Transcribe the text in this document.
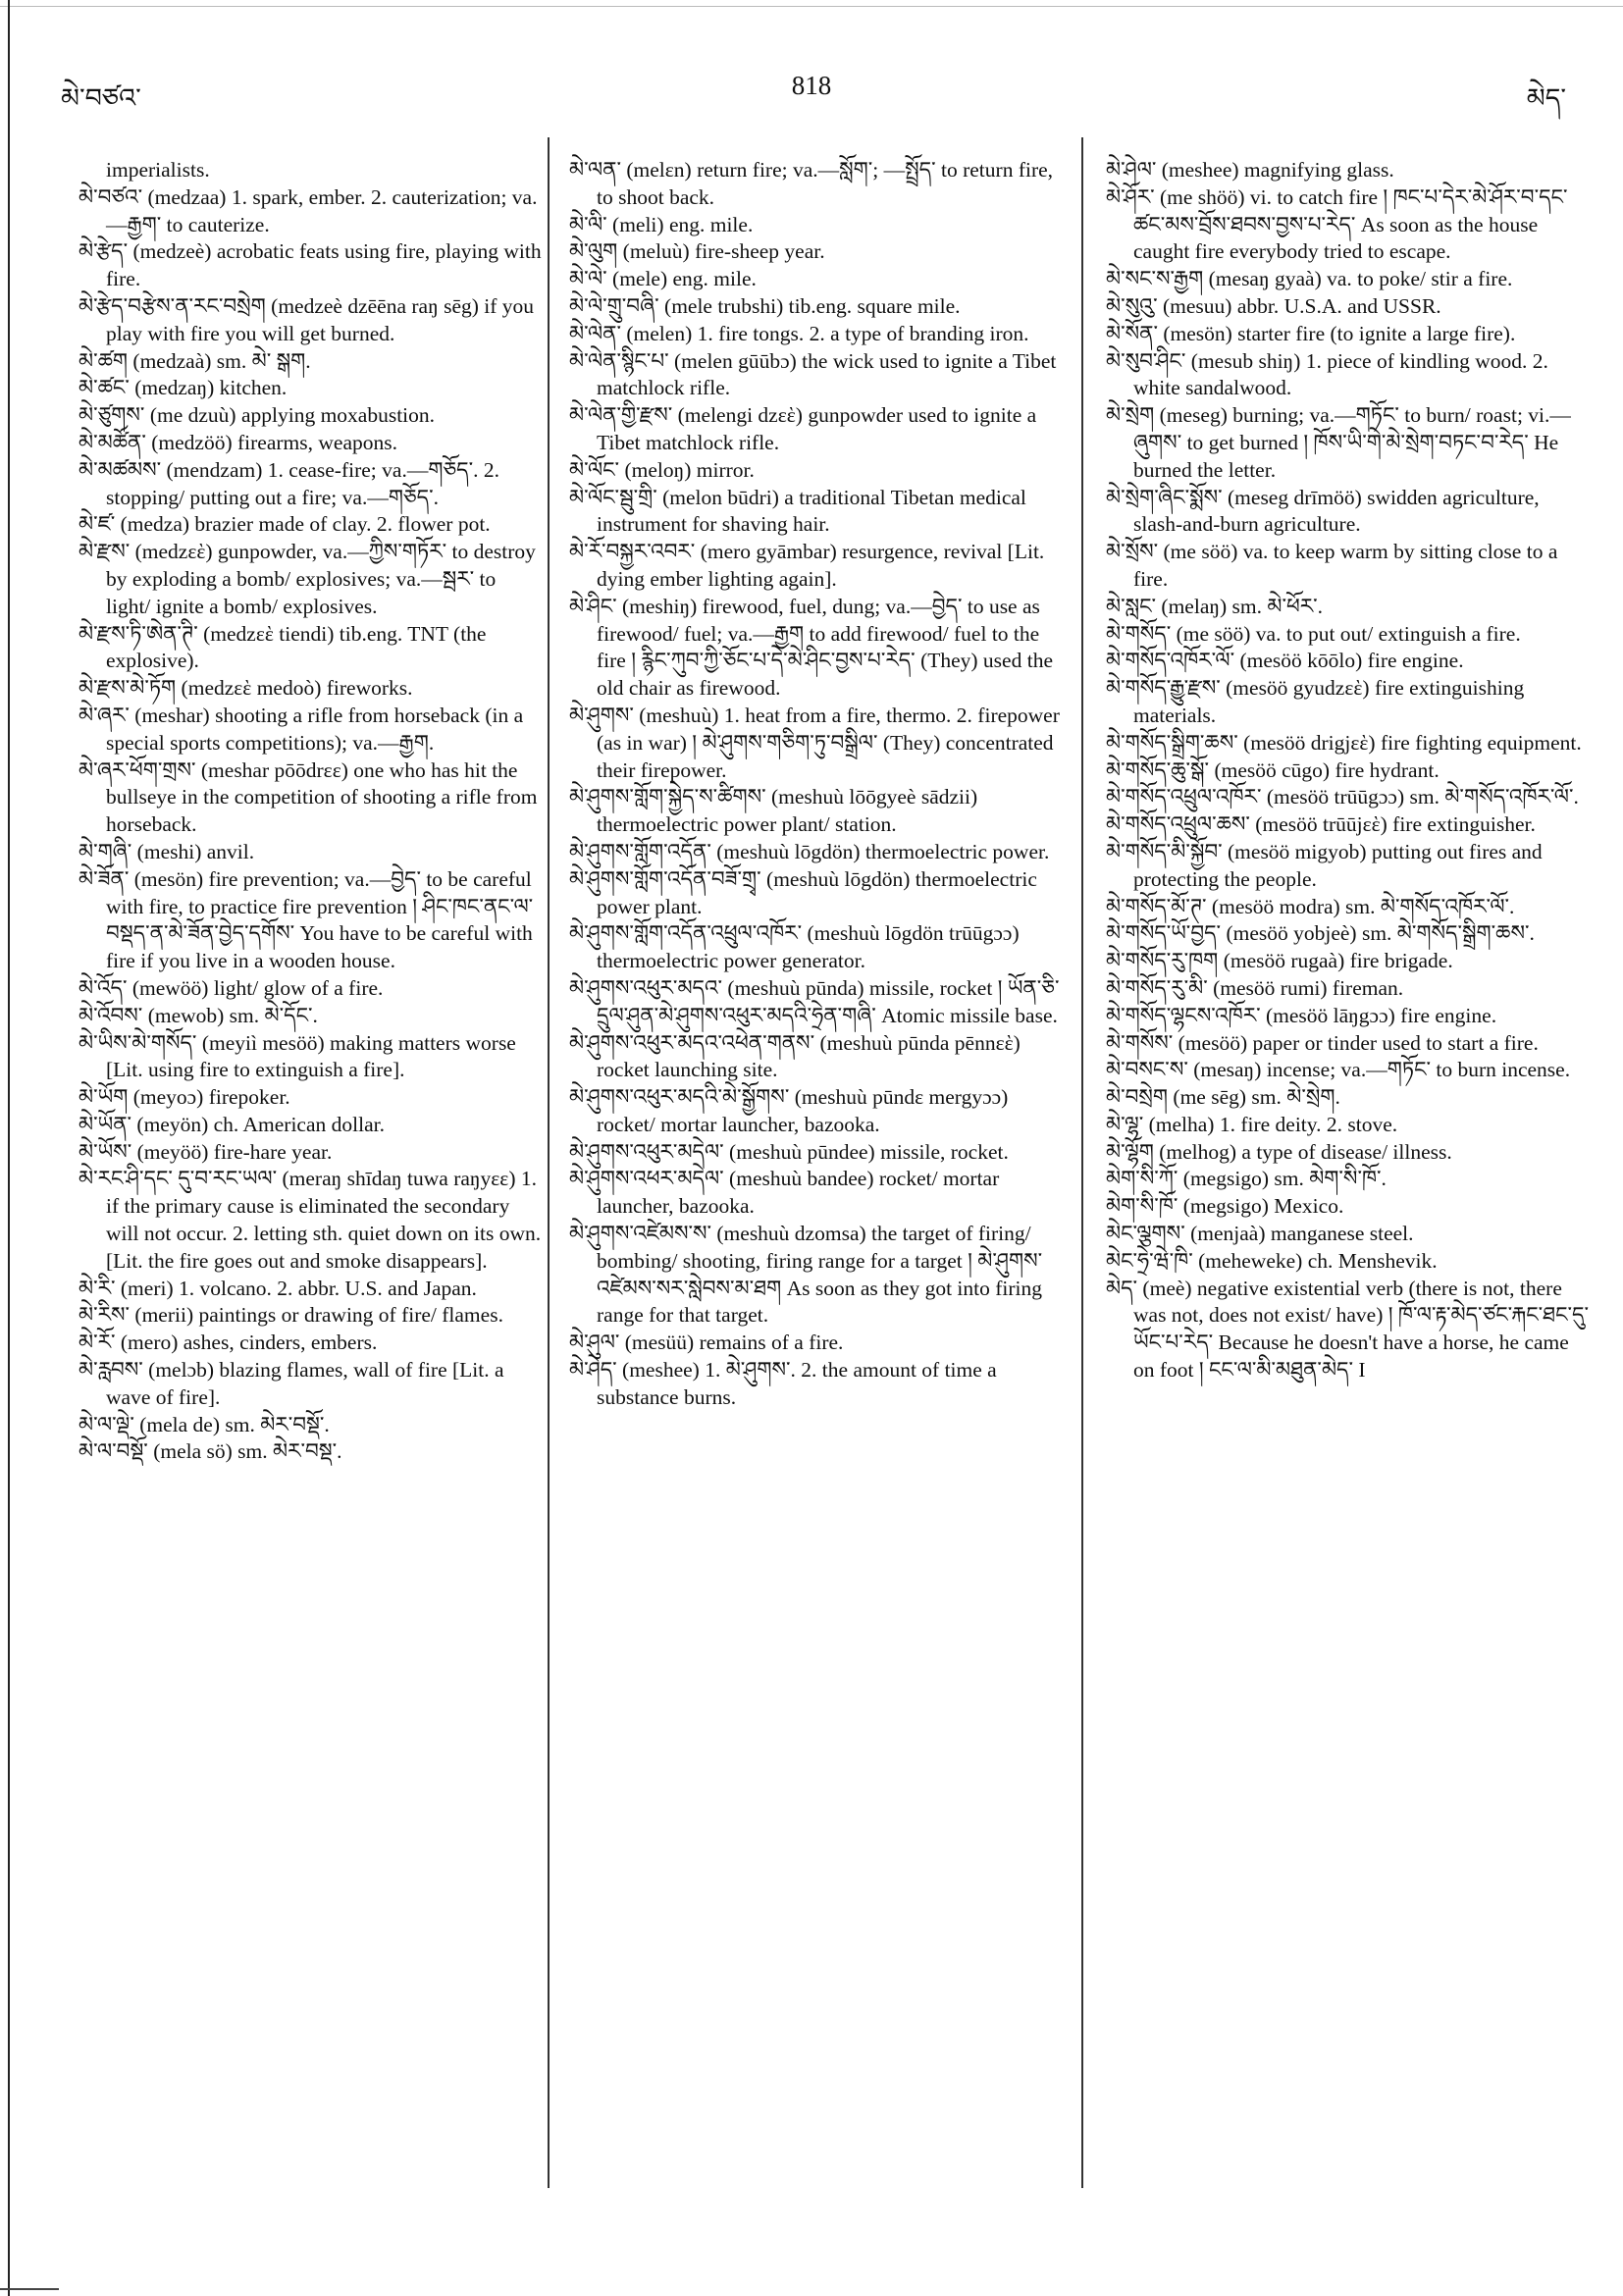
མེ་བཙའ་	818	མེད་
imperialists.
མེ་བཙའ་ (medzaa) 1. spark, ember. 2. cauterization; va.—རྒྱག་ to cauterize.
མེ་རྩེད་ (medzeè) acrobatic feats using fire, playing with fire.
མེ་རྩེད་བརྩེས་ན་རང་བསྲེག (medzeè dzēēna raŋ sēg) if you play with fire you will get burned.
མེ་ཚག (medzaà) sm. མེ་ སྒག.
མེ་ཚང་ (medzaŋ) kitchen.
མེ་ཙུགས་ (me dzuù) applying moxabustion.
མེ་མཚོན་ (medzöö) firearms, weapons.
མེ་མཚམས་ (mendzam) 1. cease-fire; va.—གཅོད་. 2. stopping/ putting out a fire; va.—གཅོད་.
མེ་ཛ་ (medza) brazier made of clay. 2. flower pot.
མེ་རྫས་ (medzεὲ) gunpowder, va.—ཀྱིས་གཏོར་ to destroy by exploding a bomb/ explosives; va.—སྦར་ to light/ ignite a bomb/ explosives.
མེ་རྫས་ཏི་ཨེན་ཊི་ (medzεὲ tiendi) tib.eng. TNT (the explosive).
མེ་རྫས་མེ་ཏོག (medzεὲ medoò) fireworks.
མེ་ཞར་ (meshar) shooting a rifle from horseback (in a special sports competitions); va.—རྒྱག.
མེ་ཞར་ཕོག་གྲས་ (meshar pōōdrεε) one who has hit the bullseye in the competition of shooting a rifle from horseback.
མེ་གཞི་ (meshi) anvil.
མེ་ཟོན་ (mesön) fire prevention; va.—བྱེད་ to be careful with fire, to practice fire prevention ། ཤིང་ཁང་ནང་ལ་བསྡད་ན་མེ་ཟོན་བྱེད་དགོས་ You have to be careful with fire if you live in a wooden house.
མེ་འོད་ (mewöö) light/ glow of a fire.
མེ་འོབས་ (mewob) sm. མེ་དོང་.
མེ་ཡིས་མེ་གསོད་ (meyiì mesöö) making matters worse [Lit. using fire to extinguish a fire].
མེ་ཡོག (meyoɔ) firepoker.
མེ་ཡོན་ (meyön) ch. American dollar.
མེ་ཡོས་ (meyöö) fire-hare year.
མེ་རང་ཤི་དང་ དུ་བ་རང་ཡལ་ (meraŋ shīdaŋ tuwa raŋyεε) 1. if the primary cause is eliminated the secondary will not occur. 2. letting sth. quiet down on its own. [Lit. the fire goes out and smoke disappears].
མེ་རི་ (meri) 1. volcano. 2. abbr. U.S. and Japan.
མེ་རིས་ (merii) paintings or drawing of fire/ flames.
མེ་རོ་ (mero) ashes, cinders, embers.
མེ་རླབས་ (melɔb) blazing flames, wall of fire [Lit. a wave of fire].
མེ་ལ་ལྡེ་ (mela de) sm. མེར་བསྡོ་.
མེ་ལ་བསྡོ་ (mela sö) sm. མེར་བསྡ་.
མེ་ལན་ (melεn) return fire; va.—སློག་; —སྤྲོད་ to return fire, to shoot back.
མེ་ལི་ (meli) eng. mile.
མེ་ལུག (meluù) fire-sheep year.
མེ་ལེ་ (mele) eng. mile.
མེ་ལེ་གྲུ་བཞི་ (mele trubshi) tib.eng. square mile.
མེ་ལེན་ (melen) 1. fire tongs. 2. a type of branding iron.
མེ་ལེན་སྙིང་པ་ (melen gūūbɔ) the wick used to ignite a Tibet matchlock rifle.
མེ་ལེན་གྱི་རྫས་ (melengi dzεὲ) gunpowder used to ignite a Tibet matchlock rifle.
མེ་ལོང་ (meloŋ) mirror.
མེ་ལོང་སྦུ་གྲི་ (melon būdri) a traditional Tibetan medical instrument for shaving hair.
མེ་རོ་བསྐྱར་འབར་ (mero gyāmbar) resurgence, revival [Lit. dying ember lighting again].
མེ་ཤིང་ (meshiŋ) firewood, fuel, dung; va.—བྱེད་ to use as firewood/ fuel; va.—རྒྱག to add firewood/ fuel to the fire ། རྙིང་ཀུབ་ཀྱི་ཅོང་པ་དེ་མེ་ཤིང་བྱས་པ་རེད་ (They) used the old chair as firewood.
མེ་ཤུགས་ (meshuù) 1. heat from a fire, thermo. 2. firepower (as in war) ། མེ་ཤུགས་གཅིག་ཏུ་བསྒྲིལ་ (They) concentrated their firepower.
མེ་ཤུགས་གློག་སྐྱེད་ས་ཚིགས་ (meshuù lōōgyeè sādzii) thermoelectric power plant/ station.
མེ་ཤུགས་གློག་འདོན་ (meshuù lōgdön) thermoelectric power.
མེ་ཤུགས་གློག་འདོན་བཟོ་གྲྭ་ (meshuù lōgdön) thermoelectric power plant.
མེ་ཤུགས་གློག་འདོན་འཕྲུལ་འཁོར་ (meshuù lōgdön trūūgɔɔ) thermoelectric power generator.
མེ་ཤུགས་འཕུར་མདའ་ (meshuù pūnda) missile, rocket ། ཡོན་ཅི་དྲུལ་ཤུན་མེ་ཤུགས་འཕུར་མདའི་ཧྲེན་གཞི་ Atomic missile base.
མེ་ཤུགས་འཕུར་མདའ་འཕེན་གནས་ (meshuù pūnda pēnnεὲ) rocket launching site.
མེ་ཤུགས་འཕུར་མདའི་མེ་སྒྱོགས་ (meshuù pūndε mergyɔɔ) rocket/ mortar launcher, bazooka.
མེ་ཤུགས་འཕུར་མདེལ་ (meshuù pūndee) missile, rocket.
མེ་ཤུགས་འཕར་མདེལ་ (meshuù bandee) rocket/ mortar launcher, bazooka.
མེ་ཤུགས་འཛེམས་ས་ (meshuù dzomsa) the target of firing/ bombing/ shooting, firing range for a target ། མེ་ཤུགས་འཛེམས་སར་སླེབས་མ་ཐག As soon as they got into firing range for that target.
མེ་ཤུལ་ (mesüü) remains of a fire.
མེ་ཤེད་ (meshee) 1. མེ་ཤུགས་. 2. the amount of time a substance burns.
མེ་ཤེལ་ (meshee) magnifying glass.
མེ་ཤོར་ (me shöö) vi. to catch fire ། ཁང་པ་དེར་མེ་ཤོར་བ་དང་ཚང་མས་བྲོས་ཐབས་བྱས་པ་རེད་ As soon as the house caught fire everybody tried to escape.
མེ་སང་ས་རྒྱག (mesaŋ gyaà) va. to poke/ stir a fire.
མེ་སུའུ་ (mesuu) abbr. U.S.A. and USSR.
མེ་སོན་ (mesön) starter fire (to ignite a large fire).
མེ་སུབ་ཤིང་ (mesub shiŋ) 1. piece of kindling wood. 2. white sandalwood.
མེ་སྲེག (meseg) burning; va.—གཏོང་ to burn/ roast; vi.—ཞུགས་ to get burned ། ཁོས་ཡི་གེ་མེ་སྲེག་བཏང་བ་རེད་ He burned the letter.
མེ་སྲེག་ཞིང་སྨོས་ (meseg drīmöö) swidden agriculture, slash-and-burn agriculture.
མེ་སྲོས་ (me söö) va. to keep warm by sitting close to a fire.
མེ་སླང་ (melaŋ) sm. མེ་ཕོར་.
མེ་གསོད་ (me söö) va. to put out/ extinguish a fire.
མེ་གསོད་འཁོར་ལོ་ (mesöö kōōlo) fire engine.
མེ་གསོད་རྒྱུ་རྫས་ (mesöö gyudzεὲ) fire extinguishing materials.
མེ་གསོད་སྒྲིག་ཆས་ (mesöö drigjεὲ) fire fighting equipment.
མེ་གསོད་ཆུ་སྒོ་ (mesöö cūgo) fire hydrant.
མེ་གསོད་འཕྲུལ་འཁོར་ (mesöö trūūgɔɔ) sm. མེ་གསོད་འཁོར་ལོ་.
མེ་གསོད་འཕྲུལ་ཆས་ (mesöö trūūjεὲ) fire extinguisher.
མེ་གསོད་མི་སྐྱོབ་ (mesöö migyob) putting out fires and protecting the people.
མེ་གསོད་མོ་ཊ་ (mesöö modra) sm. མེ་གསོད་འཁོར་ལོ་.
མེ་གསོད་ཡོ་བྱད་ (mesöö yobjeè) sm. མེ་གསོད་སྒྲིག་ཆས་.
མེ་གསོད་རུ་ཁག (mesöö rugaà) fire brigade.
མེ་གསོད་རུ་མི་ (mesöö rumi) fireman.
མེ་གསོད་ལྷངས་འཁོར་ (mesöö lāŋgɔɔ) fire engine.
མེ་གསོས་ (mesöö) paper or tinder used to start a fire.
མེ་བསང་ས་ (mesaŋ) incense; va.—གཏོང་ to burn incense.
མེ་བསྲེག (me sēg) sm. མེ་སྲེག.
མེ་ལྷ་ (melha) 1. fire deity. 2. stove.
མེ་ལྷོག (melhog) a type of disease/ illness.
མེག་སི་ཀོ་ (megsigo) sm. མེག་སི་ཁོ་.
མེག་སི་ཁོ་ (megsigo) Mexico.
མེང་ལྕགས་ (menjaà) manganese steel.
མེང་ཧྲེ་ཝེ་ཁི་ (meheweke) ch. Menshevik.
མེད་ (meè) negative existential verb (there is not, there was not, does not exist/ have) ། ཁོ་ལ་རྟ་མེད་ཙང་རྐང་ཐང་དུ་ཡོང་པ་རེད་ Because he doesn't have a horse, he came on foot ། ངང་ལ་མི་མཐུན་མེད་ I
